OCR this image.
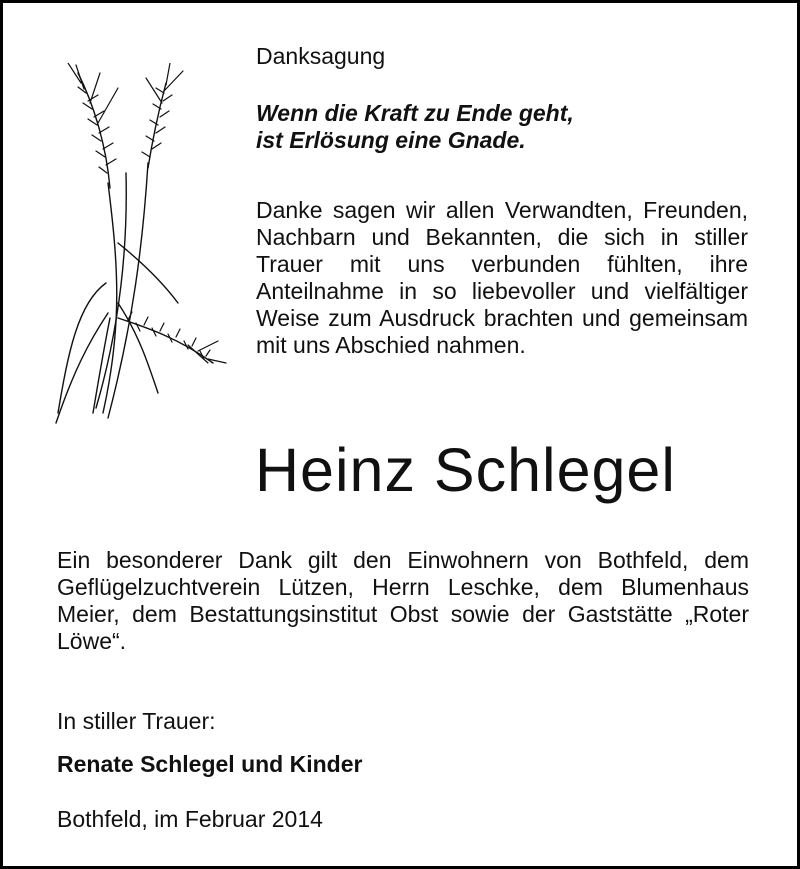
Danksagung
Wenn die Kraft zu Ende geht,
ist Erlösung eine Gnade.
Danke sagen wir allen Verwandten, Freunden, Nachbarn und Bekannten, die sich in stiller Trauer mit uns verbunden fühlten, ihre Anteilnahme in so liebevoller und vielfältiger Weise zum Ausdruck brachten und gemeinsam mit uns Abschied nahmen.
Heinz Schlegel
Ein besonderer Dank gilt den Einwohnern von Bothfeld, dem Geflügelzuchtverein Lützen, Herrn Leschke, dem Blumenhaus Meier, dem Bestattungsinstitut Obst sowie der Gaststätte „Roter Löwe“.
In stiller Trauer:
Renate Schlegel und Kinder
Bothfeld, im Februar 2014
